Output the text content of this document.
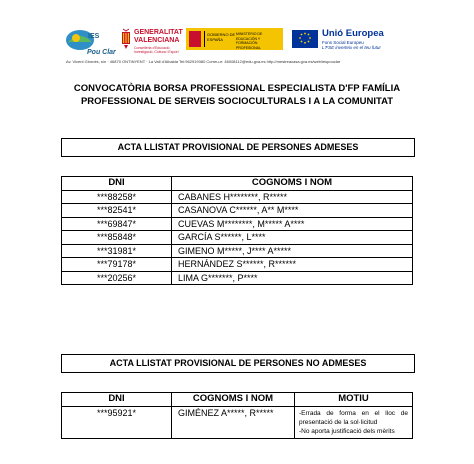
IES
Pou Clar
GENERALITAT
VALENCIANA
Conselleria d'Educació, Investigació, Cultura i Esport
GOBIERNO DE ESPAÑA
MINISTERIO DE EDUCACIÓN Y FORMACIÓN PROFESIONAL
Unió Europea
Fons Social Europeu
L'FSE inverteix en el teu futur
Av. Vicent Gironés, s/n · 46870 ONTINYENT · La Vall d'Albaida Tel:962919380 Correu-e: 46008112@edu.gva.es http://mestreacasa.gva.es/web/iespouclar
CONVOCATÒRIA BORSA PROFESSIONAL ESPECIALISTA D'FP FAMÍLIA
PROFESSIONAL DE SERVEIS SOCIOCULTURALS I A LA COMUNITAT
ACTA LLISTAT PROVISIONAL DE PERSONES ADMESES
DNI	COGNOMS I NOM
***88258*	CABANES H********, R*****
***82541*	CASANOVA C******, A** M****
***69847*	CUEVAS M********, M***** A****
***85848*	GARCÍA S******, L****
***31981*	GIMENO M*****, J**** A*****
***79178*	HERNÁNDEZ S******, R******
***20256*	LIMA G*******, P****
ACTA LLISTAT PROVISIONAL DE PERSONES NO ADMESES
DNI	COGNOMS I NOM	MOTIU
***95921*	GIMÉNEZ A*****, R*****	-Errada de forma en el lloc de presentació de la sol·licitud
-No aporta justificació dels mèrits
